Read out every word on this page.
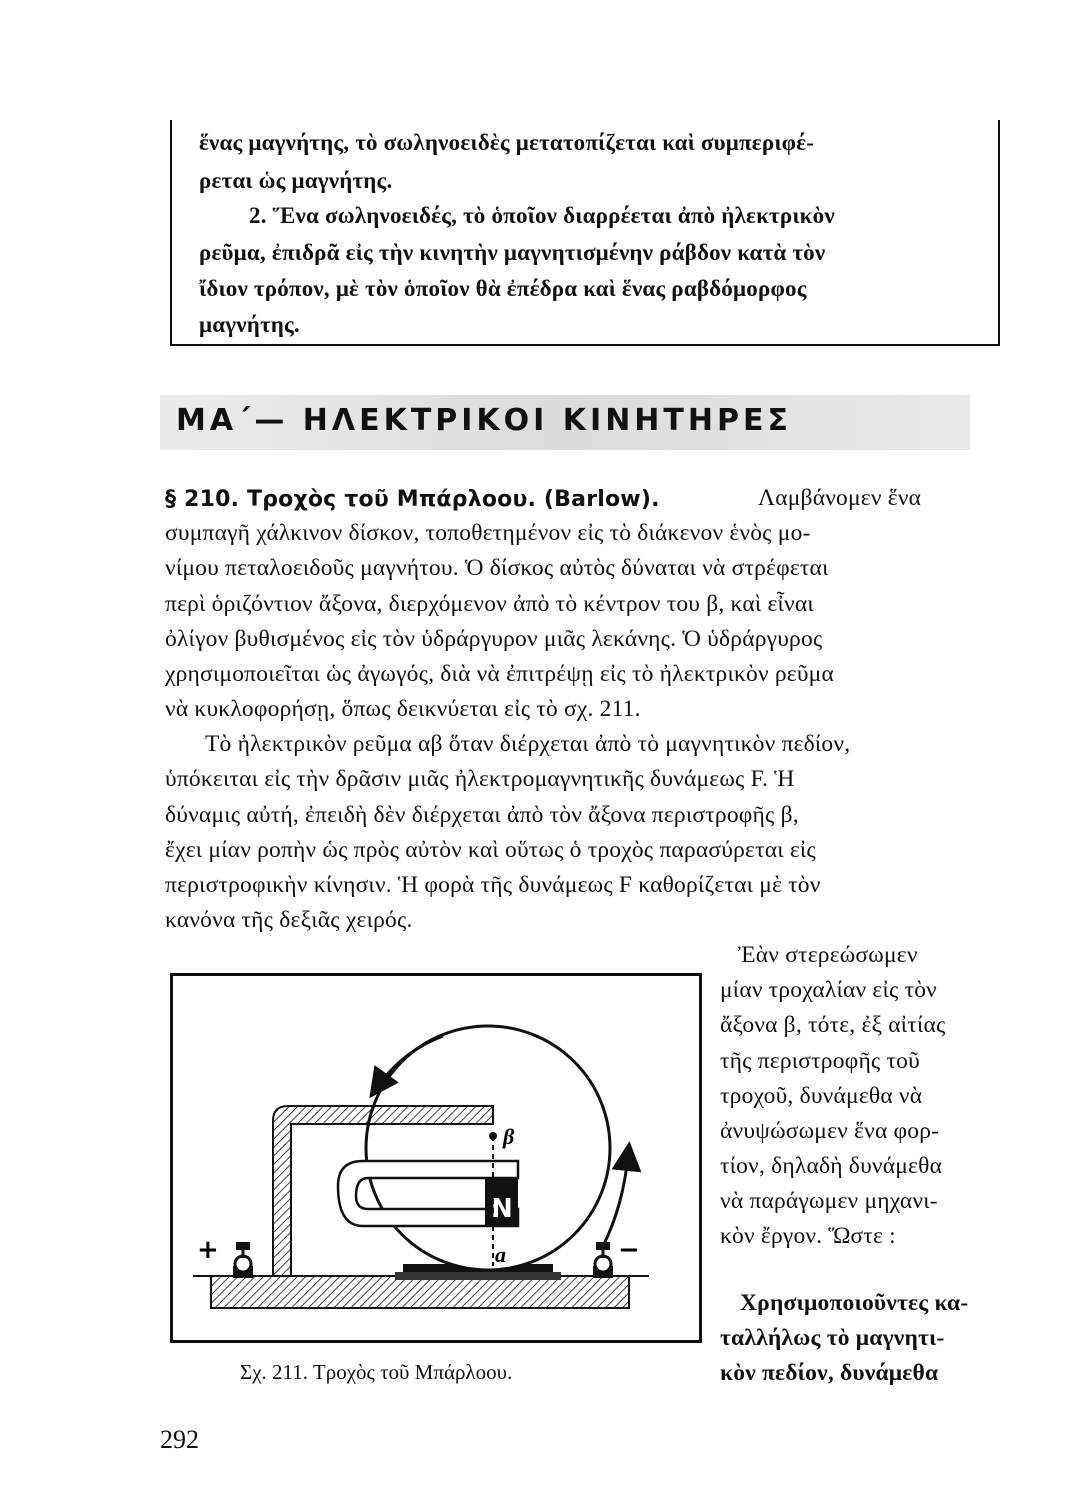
ἕνας μαγνήτης, τὸ σωληνοειδὲς μετατοπίζεται καὶ συμπεριφέ-
ρεται ὡς μαγνήτης.
2. Ἕνα σωληνοειδές, τὸ ὁποῖον διαρρέεται ἀπὸ ἠλεκτρικὸν
ρεῦμα, ἐπιδρᾶ εἰς τὴν κινητὴν μαγνητισμένην ράβδον κατὰ τὸν
ἴδιον τρόπον, μὲ τὸν ὁποῖον θὰ ἐπέδρα καὶ ἕνας ραβδόμορφος
μαγνήτης.
ΜΑ΄— ΗΛΕΚΤΡΙΚΟΙ ΚΙΝΗΤΗΡΕΣ
§ 210. Τροχὸς τοῦ Μπάρλοου. (Barlow).	Λαμβάνομεν ἕνα
συμπαγῆ χάλκινον δίσκον, τοποθετημένον εἰς τὸ διάκενον ἑνὸς μο-
νίμου πεταλοειδοῦς μαγνήτου. Ὁ δίσκος αὐτὸς δύναται νὰ στρέφεται
περὶ ὁριζόντιον ἄξονα, διερχόμενον ἀπὸ τὸ κέντρον του β, καὶ εἶναι
ὀλίγον βυθισμένος εἰς τὸν ὑδράργυρον μιᾶς λεκάνης. Ὁ ὑδράργυρος
χρησιμοποιεῖται ὡς ἀγωγός, διὰ νὰ ἐπιτρέψῃ εἰς τὸ ἠλεκτρικὸν ρεῦμα
νὰ κυκλοφορήσῃ, ὅπως δεικνύεται εἰς τὸ σχ. 211.
Τὸ ἠλεκτρικὸν ρεῦμα αβ ὅταν διέρχεται ἀπὸ τὸ μαγνητικὸν πεδίον,
ὑπόκειται εἰς τὴν δρᾶσιν μιᾶς ἠλεκτρομαγνητικῆς δυνάμεως F. Ἡ
δύναμις αὐτή, ἐπειδὴ δὲν διέρχεται ἀπὸ τὸν ἄξονα περιστροφῆς β,
ἔχει μίαν ροπὴν ὡς πρὸς αὐτὸν καὶ οὕτως ὁ τροχὸς παρασύρεται εἰς
περιστροφικὴν κίνησιν. Ἡ φορὰ τῆς δυνάμεως F καθορίζεται μὲ τὸν
κανόνα τῆς δεξιᾶς χειρός.
Ἐὰν στερεώσωμεν
μίαν τροχαλίαν εἰς τὸν
ἄξονα β, τότε, ἐξ αἰτίας
τῆς περιστροφῆς τοῦ
τροχοῦ, δυνάμεθα νὰ
ἀνυψώσωμεν ἕνα φορ-
τίον, δηλαδὴ δυνάμεθα
νὰ παράγωμεν μηχανι-
κὸν ἔργον. Ὥστε :
Χρησιμοποιοῦντες κα-
ταλλήλως τὸ μαγνητι-
κὸν πεδίον, δυνάμεθα
N
β
a
+	−
Σχ. 211. Τροχὸς τοῦ Μπάρλοου.
292
